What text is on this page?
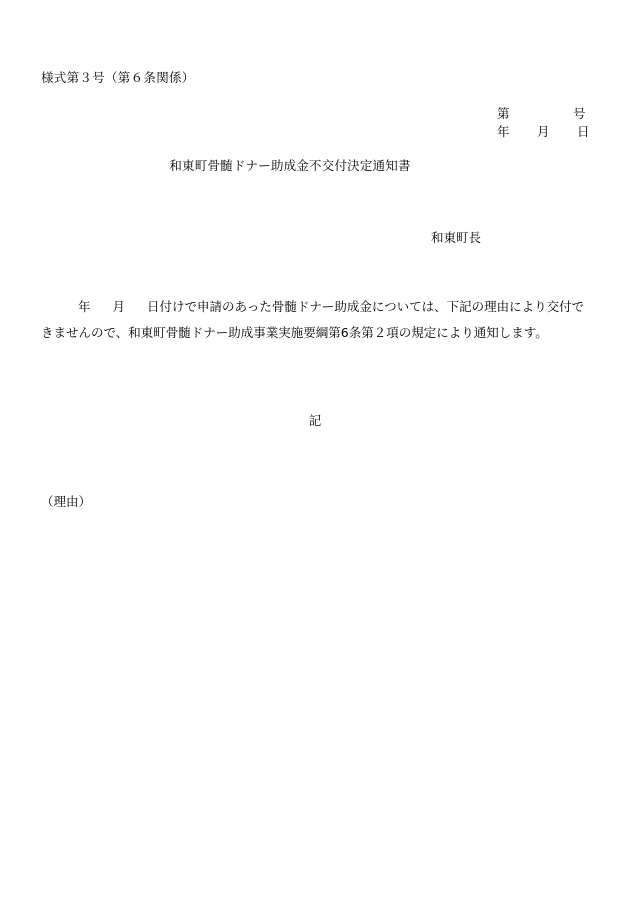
様式第３号（第６条関係）
第	号
年 月 日
和東町骨髄ドナー助成金不交付決定通知書
和東町長
年 月 日付けで申請のあった骨髄ドナー助成金については、下記の理由により交付で
きませんので、和東町骨髄ドナー助成事業実施要綱第6条第２項の規定により通知します。
記
（理由）
